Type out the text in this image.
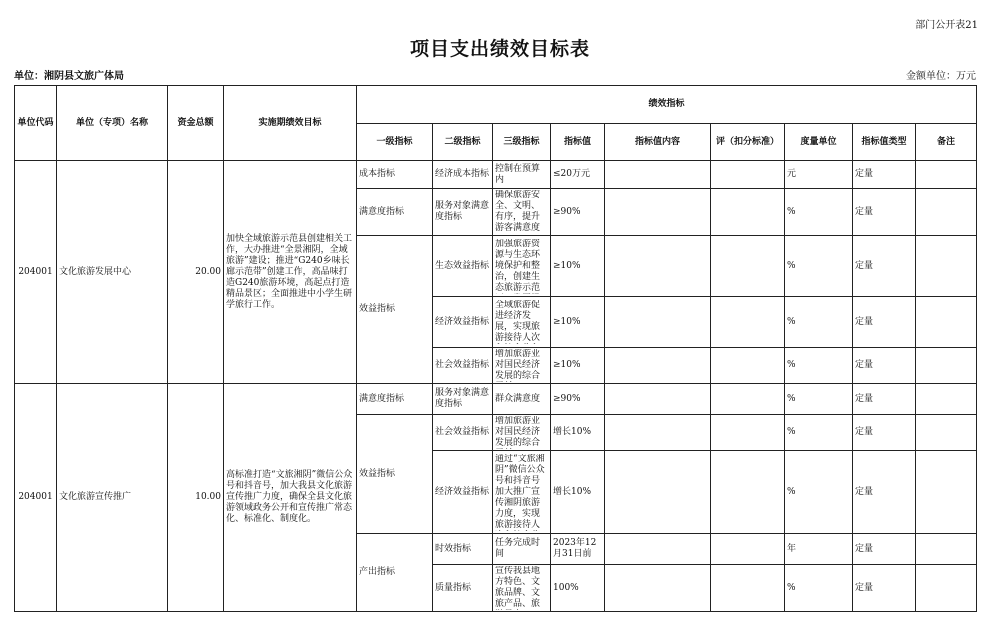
部门公开表21
项目支出绩效目标表
单位：湘阴县文旅广体局	金额单位：万元
单位代码	单位（专项）名称	资金总额	实施期绩效目标	绩效指标								
				一级指标	二级指标	三级指标	指标值	指标值内容	评（扣分标准）	度量单位	指标值类型	备注
204001	文化旅游发展中心	20.00	加快全域旅游示范县创建相关工作，大办推进“全景湘阴，全域旅游”建设；推进“G240乡味长廊示范带”创建工作，高品味打造G240旅游环境，高起点打造精品景区；全面推进中小学生研学旅行工作。	成本指标	经济成本指标	控制在预算内	≤20万元			元	定量	
				满意度指标	服务对象满意度指标	确保旅游安全、文明、有序，提升游客满意度	≥90%			%	定量	
				效益指标	生态效益指标	加强旅游资源与生态环境保护和整治，创建生态旅游示范	≥10%			%	定量	
					经济效益指标	全域旅游促进经济发展，实现旅游接待人次	≥10%			%	定量	
					社会效益指标	增加旅游业对国民经济发展的综合	≥10%			%	定量	
204001	文化旅游宣传推广	10.00	高标准打造“文旅湘阴”微信公众号和抖音号，加大我县文化旅游宣传推广力度，确保全县文化旅游领域政务公开和宣传推广常态化、标准化、制度化。	满意度指标	服务对象满意度指标	群众满意度	≥90%			%	定量	
				效益指标	社会效益指标	增加旅游业对国民经济发展的综合	增长10%			%	定量	
					经济效益指标	通过“文旅湘阴”微信公众号和抖音号加大推广宣传湘阴旅游力度，实现旅游接待人	增长10%			%	定量	
				产出指标	时效指标	任务完成时间	2023年12月31日前			年	定量	
					质量指标	宣传我县地方特色、文旅品牌、文旅产品、旅	100%			%	定量	
